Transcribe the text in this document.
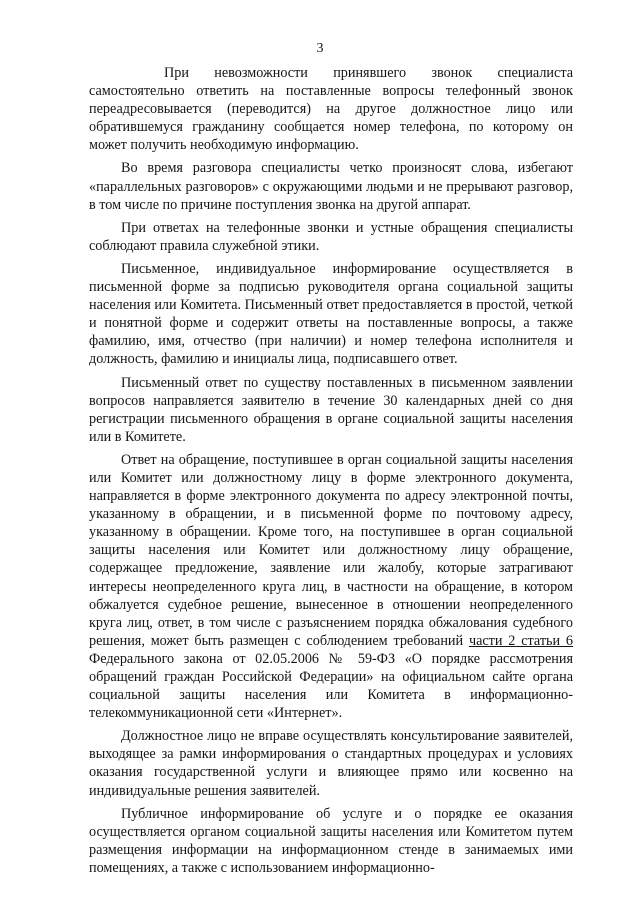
3

При невозможности принявшего звонок специалиста самостоятельно ответить на поставленные вопросы телефонный звонок переадресовывается (переводится) на другое должностное лицо или обратившемуся гражданину сообщается номер телефона, по которому он может получить необходимую информацию.

Во время разговора специалисты четко произносят слова, избегают «параллельных разговоров» с окружающими людьми и не прерывают разговор, в том числе по причине поступления звонка на другой аппарат.

При ответах на телефонные звонки и устные обращения специалисты соблюдают правила служебной этики.

Письменное, индивидуальное информирование осуществляется в письменной форме за подписью руководителя органа социальной защиты населения или Комитета. Письменный ответ предоставляется в простой, четкой и понятной форме и содержит ответы на поставленные вопросы, а также фамилию, имя, отчество (при наличии) и номер телефона исполнителя и должность, фамилию и инициалы лица, подписавшего ответ.

Письменный ответ по существу поставленных в письменном заявлении вопросов направляется заявителю в течение 30 календарных дней со дня регистрации письменного обращения в органе социальной защиты населения или в Комитете.

Ответ на обращение, поступившее в орган социальной защиты населения или Комитет или должностному лицу в форме электронного документа, направляется в форме электронного документа по адресу электронной почты, указанному в обращении, и в письменной форме по почтовому адресу, указанному в обращении. Кроме того, на поступившее в орган социальной защиты населения или Комитет или должностному лицу обращение, содержащее предложение, заявление или жалобу, которые затрагивают интересы неопределенного круга лиц, в частности на обращение, в котором обжалуется судебное решение, вынесенное в отношении неопределенного круга лиц, ответ, в том числе с разъяснением порядка обжалования судебного решения, может быть размещен с соблюдением требований части 2 статьи 6 Федерального закона от 02.05.2006 № 59-ФЗ «О порядке рассмотрения обращений граждан Российской Федерации» на официальном сайте органа социальной защиты населения или Комитета в информационно-телекоммуникационной сети «Интернет».

Должностное лицо не вправе осуществлять консультирование заявителей, выходящее за рамки информирования о стандартных процедурах и условиях оказания государственной услуги и влияющее прямо или косвенно на индивидуальные решения заявителей.

Публичное информирование об услуге и о порядке ее оказания осуществляется органом социальной защиты населения или Комитетом путем размещения информации на информационном стенде в занимаемых ими помещениях, а также с использованием информационно-
